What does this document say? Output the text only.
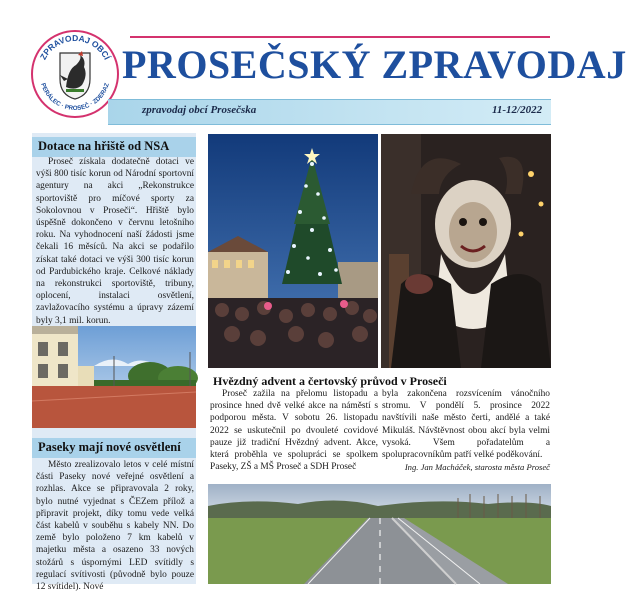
ZPRAVODAJ OBCÍ
PERÁLEC · PROSEČ · ZDERAZ PROSEČSKÝ ZPRAVODAJ
zpravodaj obcí Prosečska	11-12/2022
Dotace na hřiště od NSA
Proseč získala dodatečně dotaci ve výši 800 tisíc korun od Národní sportovní agentury na akci „Rekonstrukce sportoviště pro míčové sporty za Sokolovnou v Proseči“. Hřiště bylo úspěšně dokončeno v červnu letošního roku. Na vyhodnocení naší žádosti jsme čekali 16 měsíců. Na akci se podařilo získat také dotaci ve výši 300 tisíc korun od Pardubického kraje. Celkové náklady na rekonstrukci sportoviště, tribuny, oplocení, instalaci osvětlení, zavlažovacího systému a úpravy zázemí byly 3,1 mil. korun.
Paseky mají nové osvětlení
Město zrealizovalo letos v celé místní části Paseky nové veřejné osvětlení a rozhlas. Akce se připravovala 2 roky, bylo nutné vyjednat s ČEZem přílož a připravit projekt, díky tomu vede velká část kabelů v souběhu s kabely NN. Do země bylo položeno 7 km kabelů v majetku města a osazeno 33 nových stožárů s úspornými LED svítidly s regulací svítivosti (původně bylo pouze 12 svítidel). Nové
Hvězdný advent a čertovský průvod v Proseči
Proseč zažila na přelomu listopadu a prosince hned dvě velké akce na náměstí s podporou města. V sobotu 26. listopadu 2022 se uskutečnil po dvouleté covidové pauze již tradiční Hvězdný advent. Akce, která proběhla ve spolupráci se spolkem Paseky, ZŠ a MŠ Proseč a SDH Proseč
byla zakončena rozsvícením vánočního stromu. V pondělí 5. prosince 2022 navštívili naše město čerti, andělé a také Mikuláš. Návštěvnost obou akcí byla velmi vysoká. Všem pořadatelům a spolupracovníkům patří velké poděkování.
Ing. Jan Macháček, starosta města Proseč
